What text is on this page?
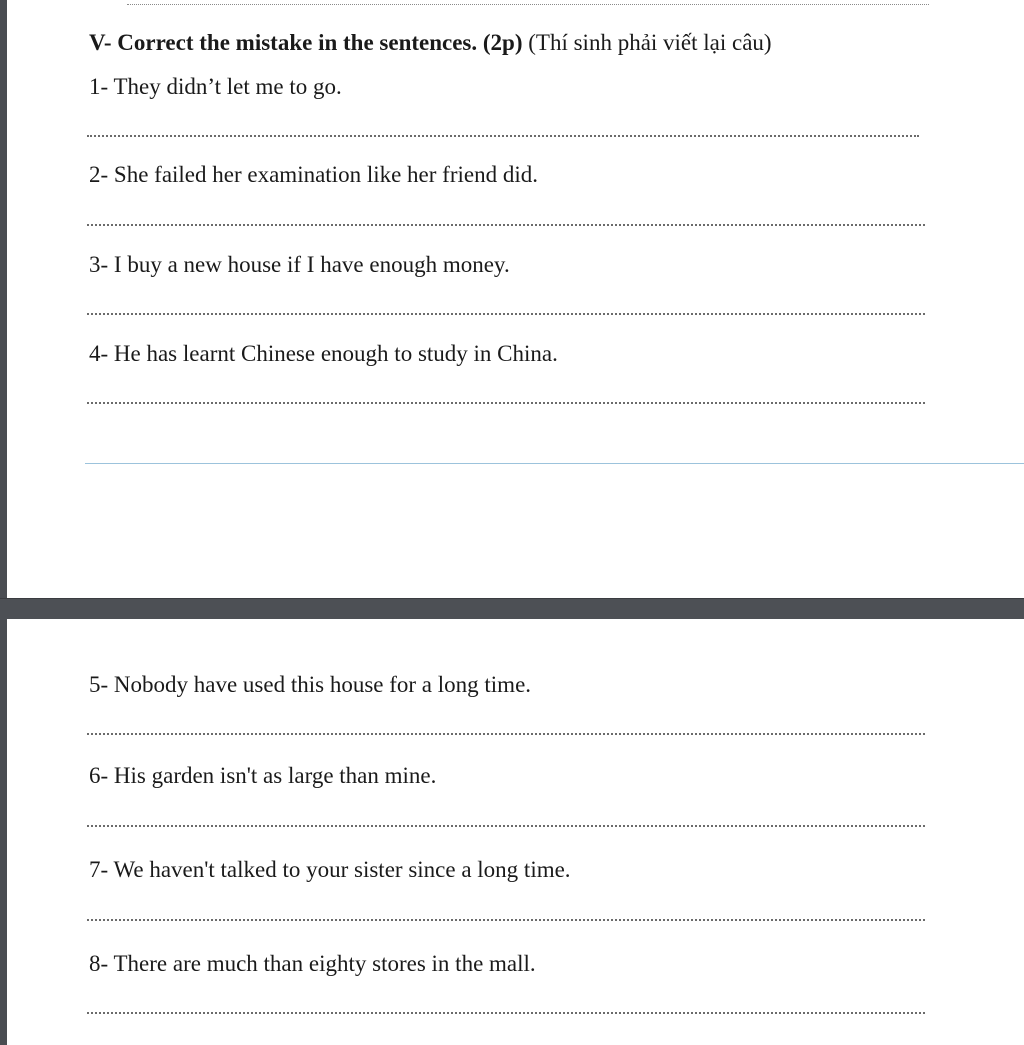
V- Correct the mistake in the sentences. (2p) (Thí sinh phải viết lại câu)
1- They didn’t let me to go.
2- She failed her examination like her friend did.
3- I buy a new house if I have enough money.
4- He has learnt Chinese enough to study in China.
5- Nobody have used this house for a long time.
6- His garden isn't as large than mine.
7- We haven't talked to your sister since a long time.
8- There are much than eighty stores in the mall.
